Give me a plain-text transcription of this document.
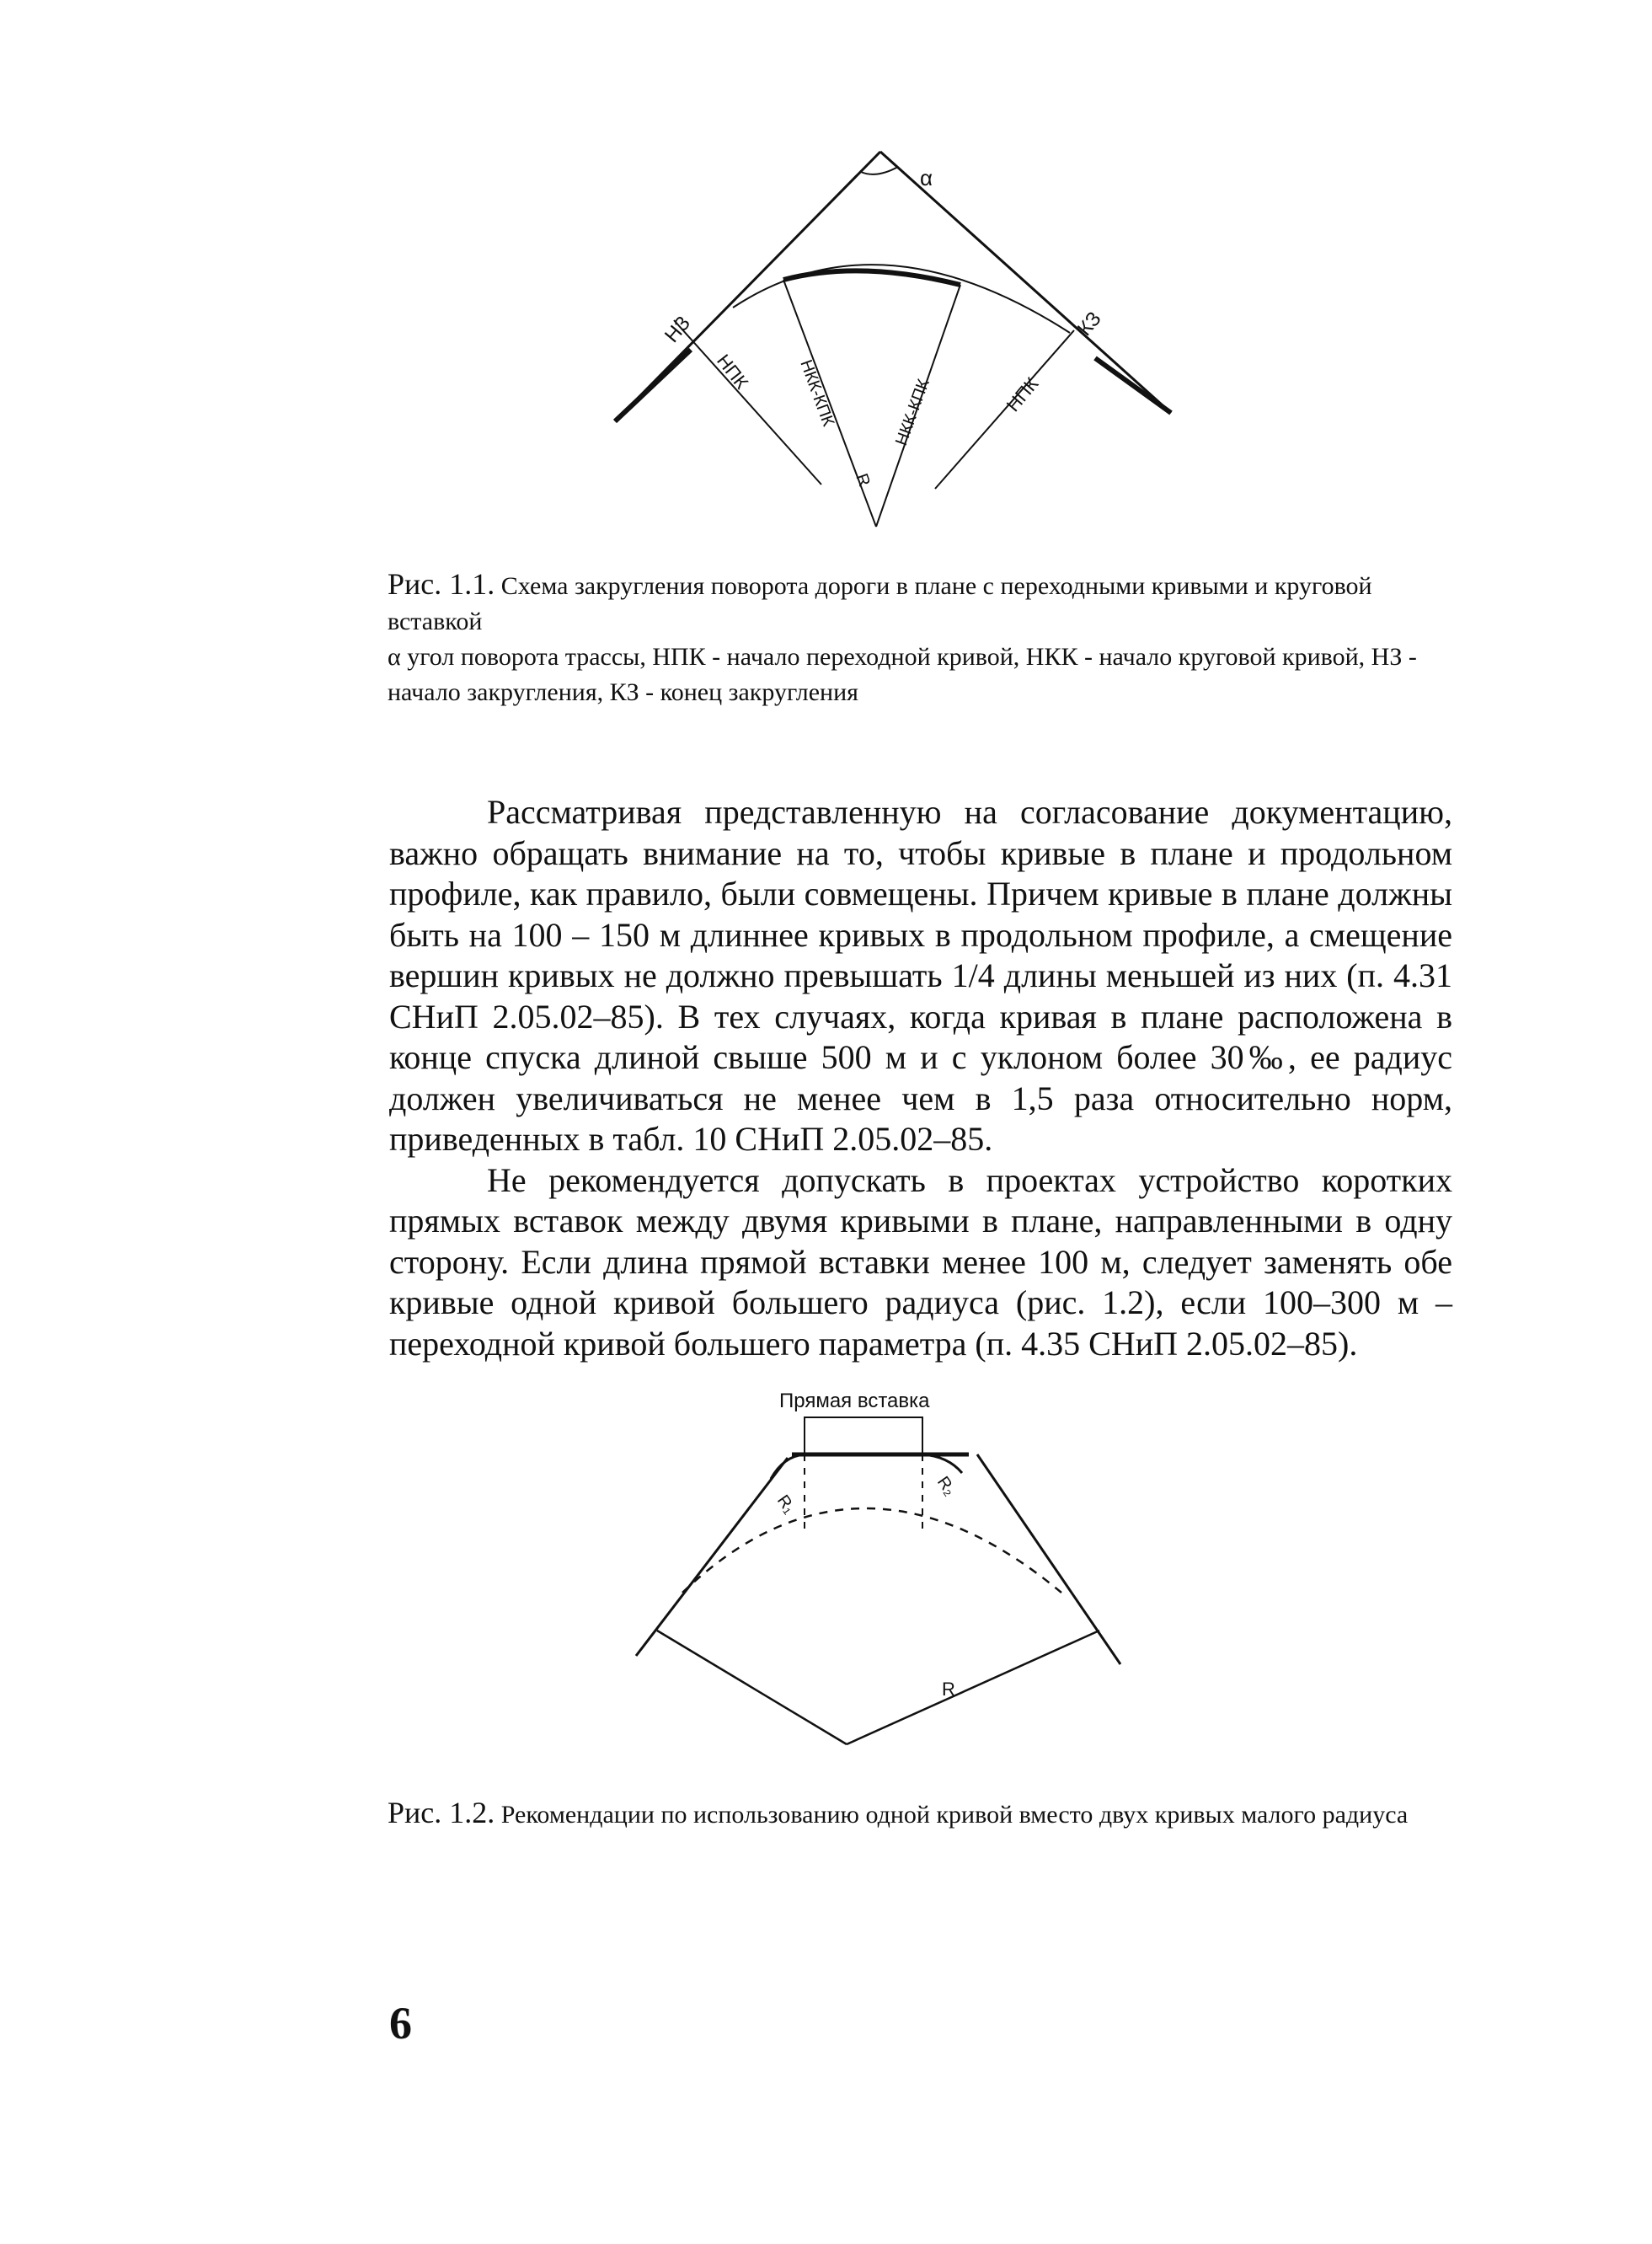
α
НЗ	КЗ
НПК
НПК
НКК-КПК	НКК-КПК
R
Рис. 1.1. Схема закругления поворота дороги в плане с переходными кривыми и круговой вставкой
α угол поворота трассы, НПК - начало переходной кривой, НКК - начало круговой кривой, НЗ - начало закругления, КЗ - конец закругления

Рассматривая представленную на согласование документацию, важно обращать внимание на то, чтобы кривые в плане и продольном профиле, как правило, были совмещены. Причем кривые в плане должны быть на 100 – 150 м длиннее кривых в продольном профиле, а смещение вершин кривых не должно превышать 1/4 длины меньшей из них (п. 4.31 СНиП 2.05.02–85). В тех случаях, когда кривая в плане расположена в конце спуска длиной свыше 500 м и с уклоном более 30‰, ее радиус должен увеличиваться не менее чем в 1,5 раза относительно норм, приведенных в табл. 10 СНиП 2.05.02–85.

Не рекомендуется допускать в проектах устройство коротких прямых вставок между двумя кривыми в плане, направленными в одну сторону. Если длина прямой вставки менее 100 м, следует заменять обе кривые одной кривой большего радиуса (рис. 1.2), если 100–300 м – переходной кривой большего параметра (п. 4.35 СНиП 2.05.02–85).

Прямая вставка
R₁
R₂
R
Рис. 1.2. Рекомендации по использованию одной кривой вместо двух кривых малого радиуса
6
